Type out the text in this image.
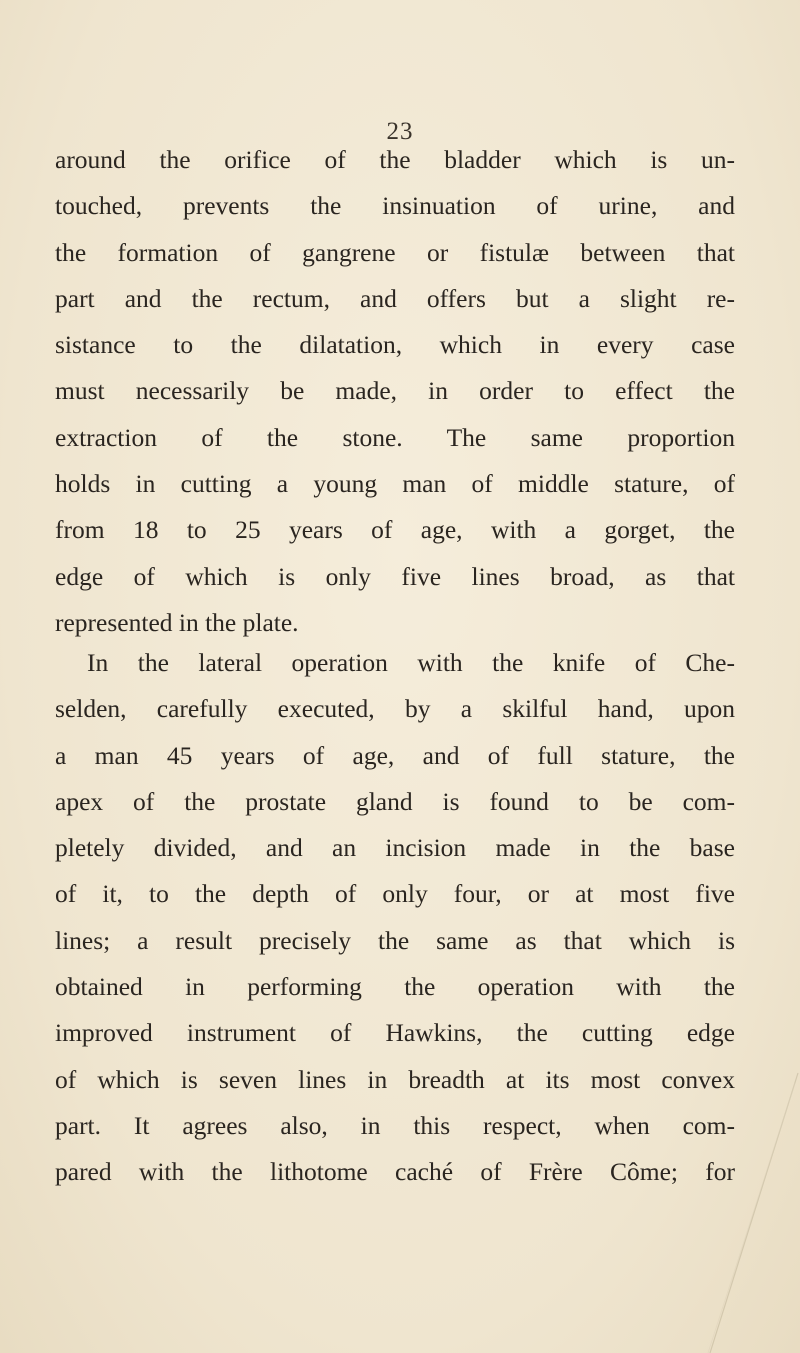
23
around the orifice of the bladder which is un-
touched, prevents the insinuation of urine, and
the formation of gangrene or fistulæ between that
part and the rectum, and offers but a slight re-
sistance to the dilatation, which in every case
must necessarily be made, in order to effect the
extraction of the stone. The same proportion
holds in cutting a young man of middle stature, of
from 18 to 25 years of age, with a gorget, the
edge of which is only five lines broad, as that
represented in the plate.
In the lateral operation with the knife of Che-
selden, carefully executed, by a skilful hand, upon
a man 45 years of age, and of full stature, the
apex of the prostate gland is found to be com-
pletely divided, and an incision made in the base
of it, to the depth of only four, or at most five
lines; a result precisely the same as that which is
obtained in performing the operation with the
improved instrument of Hawkins, the cutting edge
of which is seven lines in breadth at its most convex
part. It agrees also, in this respect, when com-
pared with the lithotome caché of Frère Côme; for
